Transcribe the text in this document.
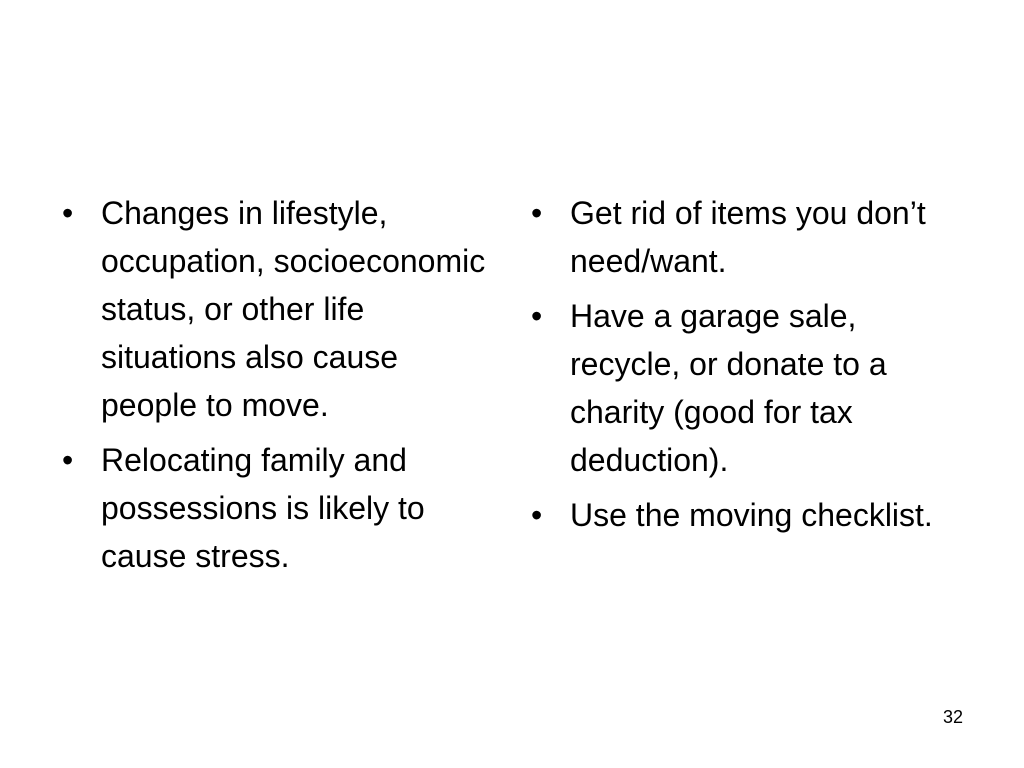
• Changes in lifestyle, occupation, socioeconomic status, or other life situations also cause people to move.
• Relocating family and possessions is likely to cause stress.
• Get rid of items you don’t need/want.
• Have a garage sale, recycle, or donate to a charity (good for tax deduction).
• Use the moving checklist.
32
